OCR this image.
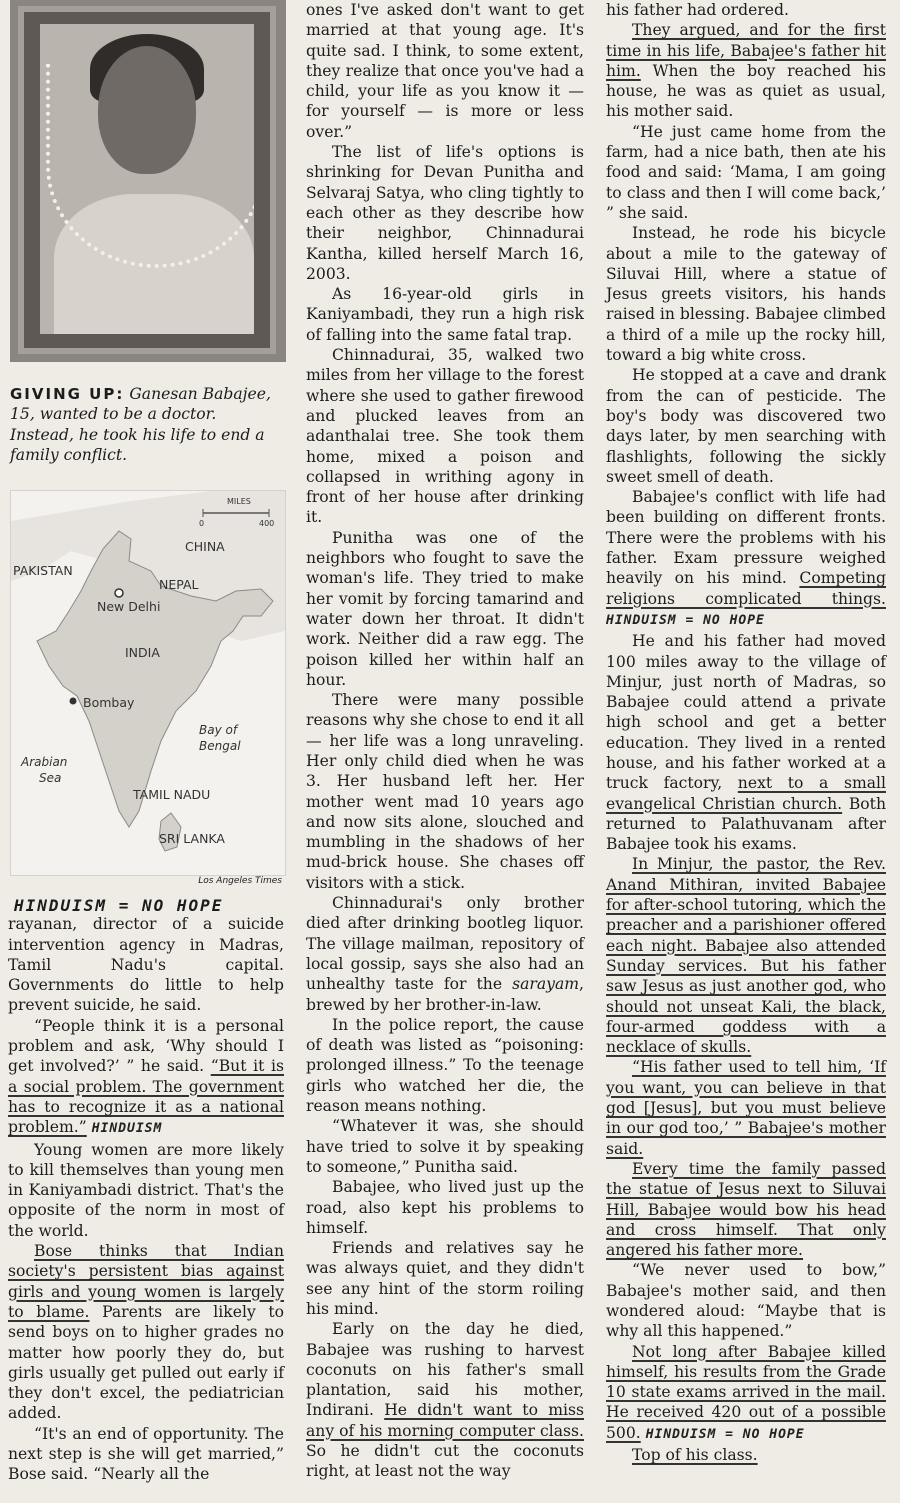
GIVING UP: Ganesan Babajee, 15, wanted to be a doctor. Instead, he took his life to end a family conflict.
MILES
0	400
CHINA
PAKISTAN
NEPAL
New Delhi
INDIA
Bombay
Bay of
Bengal
Arabian
Sea
TAMIL NADU
SRI LANKA
Los Angeles Times
HINDUISM = NO HOPE

rayanan, director of a suicide intervention agency in Madras, Tamil Nadu's capital. Governments do little to help prevent suicide, he said.

“People think it is a personal problem and ask, ‘Why should I get involved?’ ” he said. “But it is a social problem. The government has to recognize it as a national problem.” HINDUISM

Young women are more likely to kill themselves than young men in Kaniyambadi district. That's the opposite of the norm in most of the world.

Bose thinks that Indian society's persistent bias against girls and young women is largely to blame. Parents are likely to send boys on to higher grades no matter how poorly they do, but girls usually get pulled out early if they don't excel, the pediatrician added.

“It's an end of opportunity. The next step is she will get married,” Bose said. “Nearly all the

ones I've asked don't want to get married at that young age. It's quite sad. I think, to some extent, they realize that once you've had a child, your life as you know it — for yourself — is more or less over.”

The list of life's options is shrinking for Devan Punitha and Selvaraj Satya, who cling tightly to each other as they describe how their neighbor, Chinnadurai Kantha, killed herself March 16, 2003.

As 16-year-old girls in Kaniyambadi, they run a high risk of falling into the same fatal trap.

Chinnadurai, 35, walked two miles from her village to the forest where she used to gather firewood and plucked leaves from an adanthalai tree. She took them home, mixed a poison and collapsed in writhing agony in front of her house after drinking it.

Punitha was one of the neighbors who fought to save the woman's life. They tried to make her vomit by forcing tamarind and water down her throat. It didn't work. Neither did a raw egg. The poison killed her within half an hour.

There were many possible reasons why she chose to end it all — her life was a long unraveling. Her only child died when he was 3. Her husband left her. Her mother went mad 10 years ago and now sits alone, slouched and mumbling in the shadows of her mud-brick house. She chases off visitors with a stick.

Chinnadurai's only brother died after drinking bootleg liquor. The village mailman, repository of local gossip, says she also had an unhealthy taste for the sarayam, brewed by her brother-in-law.

In the police report, the cause of death was listed as “poisoning: prolonged illness.” To the teenage girls who watched her die, the reason means nothing.

“Whatever it was, she should have tried to solve it by speaking to someone,” Punitha said.

Babajee, who lived just up the road, also kept his problems to himself.

Friends and relatives say he was always quiet, and they didn't see any hint of the storm roiling his mind.

Early on the day he died, Babajee was rushing to harvest coconuts on his father's small plantation, said his mother, Indirani. He didn't want to miss any of his morning computer class. So he didn't cut the coconuts right, at least not the way

his father had ordered.

They argued, and for the first time in his life, Babajee's father hit him. When the boy reached his house, he was as quiet as usual, his mother said.

“He just came home from the farm, had a nice bath, then ate his food and said: ‘Mama, I am going to class and then I will come back,’ ” she said.

Instead, he rode his bicycle about a mile to the gateway of Siluvai Hill, where a statue of Jesus greets visitors, his hands raised in blessing. Babajee climbed a third of a mile up the rocky hill, toward a big white cross.

He stopped at a cave and drank from the can of pesticide. The boy's body was discovered two days later, by men searching with flashlights, following the sickly sweet smell of death.

Babajee's conflict with life had been building on different fronts. There were the problems with his father. Exam pressure weighed heavily on his mind. Competing religions complicated things. HINDUISM = NO HOPE

He and his father had moved 100 miles away to the village of Minjur, just north of Madras, so Babajee could attend a private high school and get a better education. They lived in a rented house, and his father worked at a truck factory, next to a small evangelical Christian church. Both returned to Palathuvanam after Babajee took his exams.

In Minjur, the pastor, the Rev. Anand Mithiran, invited Babajee for after-school tutoring, which the preacher and a parishioner offered each night. Babajee also attended Sunday services. But his father saw Jesus as just another god, who should not unseat Kali, the black, four-armed goddess with a necklace of skulls.

“His father used to tell him, ‘If you want, you can believe in that god [Jesus], but you must believe in our god too,’ ” Babajee's mother said.

Every time the family passed the statue of Jesus next to Siluvai Hill, Babajee would bow his head and cross himself. That only angered his father more.

“We never used to bow,” Babajee's mother said, and then wondered aloud: “Maybe that is why all this happened.”

Not long after Babajee killed himself, his results from the Grade 10 state exams arrived in the mail. He received 420 out of a possible 500. HINDUISM = NO HOPE

Top of his class.
